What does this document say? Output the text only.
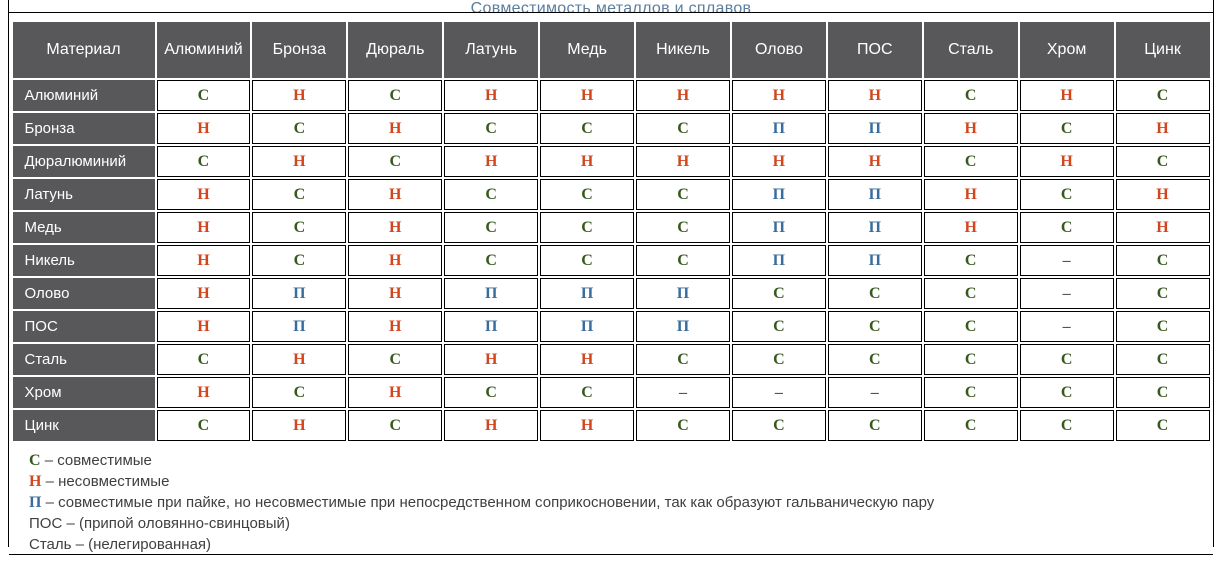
Совместимость металлов и сплавов
Материал	Алюминий	Бронза	Дюраль	Латунь	Медь	Никель	Олово	ПОС	Сталь	Хром	Цинк
Алюминий	С	Н	С	Н	Н	Н	Н	Н	С	Н	С
Бронза	Н	С	Н	С	С	С	П	П	Н	С	Н
Дюралюминий	С	Н	С	Н	Н	Н	Н	Н	С	Н	С
Латунь	Н	С	Н	С	С	С	П	П	Н	С	Н
Медь	Н	С	Н	С	С	С	П	П	Н	С	Н
Никель	Н	С	Н	С	С	С	П	П	С	–	С
Олово	Н	П	Н	П	П	П	С	С	С	–	С
ПОС	Н	П	Н	П	П	П	С	С	С	–	С
Сталь	С	Н	С	Н	Н	С	С	С	С	С	С
Хром	Н	С	Н	С	С	–	–	–	С	С	С
Цинк	С	Н	С	Н	Н	С	С	С	С	С	С
С – совместимые
Н – несовместимые
П – совместимые при пайке, но несовместимые при непосредственном соприкосновении, так как образуют гальваническую пару
ПОС – (припой оловянно-свинцовый)
Сталь – (нелегированная)
